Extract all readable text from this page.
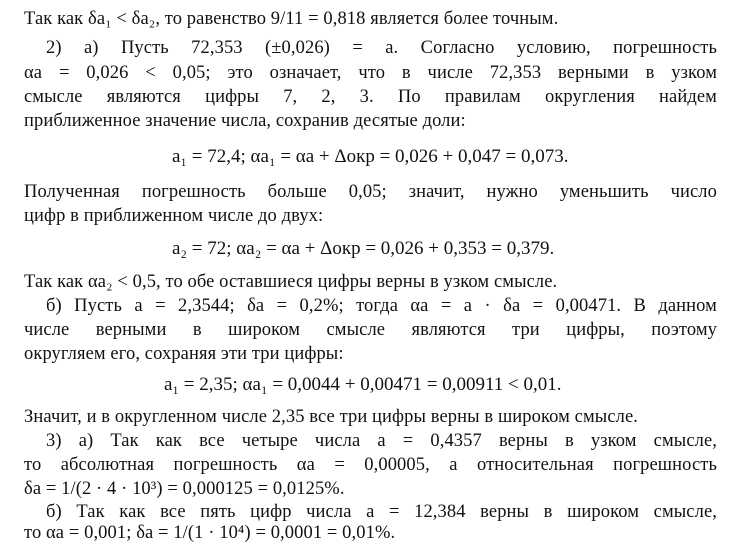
Так как δa₁ < δa₂, то равенство 9/11 = 0,818 является более точным.
2) а) Пусть 72,353 (±0,026) = a. Согласно условию, погрешность
αa = 0,026 < 0,05; это означает, что в числе 72,353 верными в узком
смысле являются цифры 7, 2, 3. По правилам округления найдем
приближенное значение числа, сохранив десятые доли:
a₁ = 72,4; αa₁ = αa + Δокр = 0,026 + 0,047 = 0,073.
Полученная погрешность больше 0,05; значит, нужно уменьшить число
цифр в приближенном числе до двух:
a₂ = 72; αa₂ = αa + Δокр = 0,026 + 0,353 = 0,379.
Так как αa₂ < 0,5, то обе оставшиеся цифры верны в узком смысле.
б) Пусть a = 2,3544; δa = 0,2%; тогда αa = a · δa = 0,00471. В данном
числе верными в широком смысле являются три цифры, поэтому
округляем его, сохраняя эти три цифры:
a₁ = 2,35; αa₁ = 0,0044 + 0,00471 = 0,00911 < 0,01.
Значит, и в округленном числе 2,35 все три цифры верны в широком смысле.
3) а) Так как все четыре числа a = 0,4357 верны в узком смысле,
то абсолютная погрешность αa = 0,00005, а относительная погрешность
δa = 1/(2 · 4 · 10³) = 0,000125 = 0,0125%.
б) Так как все пять цифр числа a = 12,384 верны в широком смысле,
то αa = 0,001; δa = 1/(1 · 10⁴) = 0,0001 = 0,01%.
